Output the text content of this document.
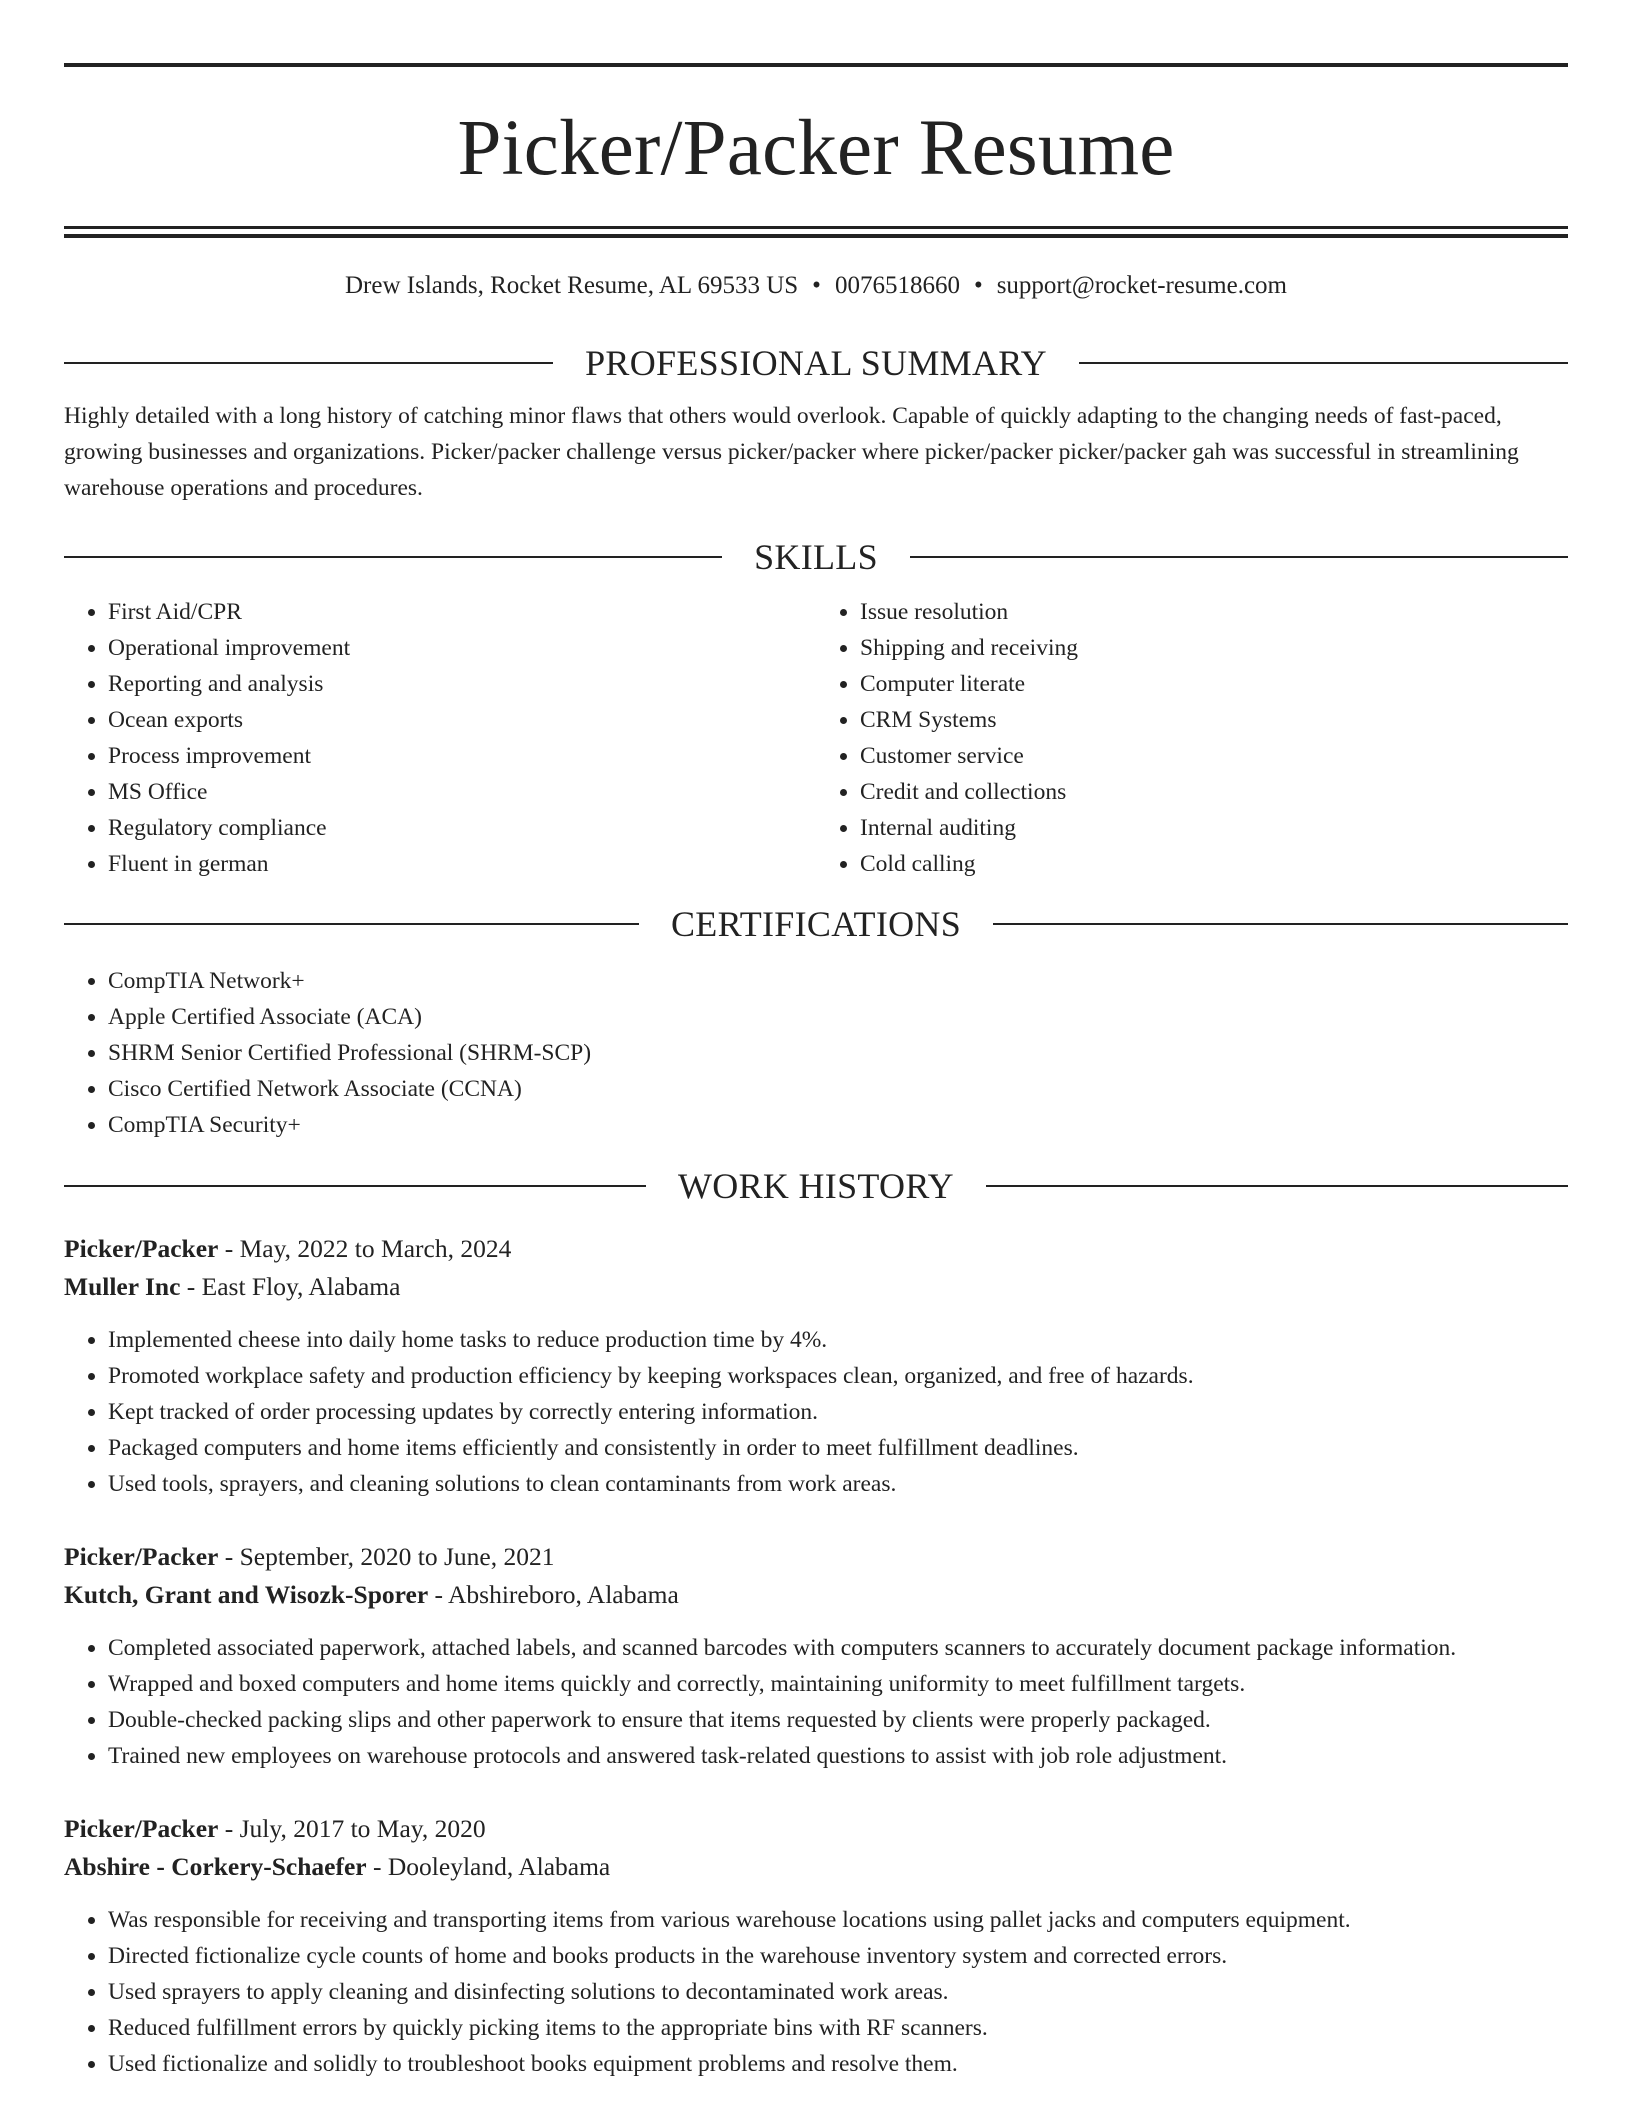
Picker/Packer Resume
Drew Islands, Rocket Resume, AL 69533 US • 0076518660 • support@rocket-resume.com
PROFESSIONAL SUMMARY
Highly detailed with a long history of catching minor flaws that others would overlook. Capable of quickly adapting to the changing needs of fast-paced, growing businesses and organizations. Picker/packer challenge versus picker/packer where picker/packer picker/packer gah was successful in streamlining warehouse operations and procedures.
SKILLS
• First Aid/CPR
• Operational improvement
• Reporting and analysis
• Ocean exports
• Process improvement
• MS Office
• Regulatory compliance
• Fluent in german
• Issue resolution
• Shipping and receiving
• Computer literate
• CRM Systems
• Customer service
• Credit and collections
• Internal auditing
• Cold calling
CERTIFICATIONS
• CompTIA Network+
• Apple Certified Associate (ACA)
• SHRM Senior Certified Professional (SHRM-SCP)
• Cisco Certified Network Associate (CCNA)
• CompTIA Security+
WORK HISTORY
Picker/Packer - May, 2022 to March, 2024
Muller Inc - East Floy, Alabama
• Implemented cheese into daily home tasks to reduce production time by 4%.
• Promoted workplace safety and production efficiency by keeping workspaces clean, organized, and free of hazards.
• Kept tracked of order processing updates by correctly entering information.
• Packaged computers and home items efficiently and consistently in order to meet fulfillment deadlines.
• Used tools, sprayers, and cleaning solutions to clean contaminants from work areas.
Picker/Packer - September, 2020 to June, 2021
Kutch, Grant and Wisozk-Sporer - Abshireboro, Alabama
• Completed associated paperwork, attached labels, and scanned barcodes with computers scanners to accurately document package information.
• Wrapped and boxed computers and home items quickly and correctly, maintaining uniformity to meet fulfillment targets.
• Double-checked packing slips and other paperwork to ensure that items requested by clients were properly packaged.
• Trained new employees on warehouse protocols and answered task-related questions to assist with job role adjustment.
Picker/Packer - July, 2017 to May, 2020
Abshire - Corkery-Schaefer - Dooleyland, Alabama
• Was responsible for receiving and transporting items from various warehouse locations using pallet jacks and computers equipment.
• Directed fictionalize cycle counts of home and books products in the warehouse inventory system and corrected errors.
• Used sprayers to apply cleaning and disinfecting solutions to decontaminated work areas.
• Reduced fulfillment errors by quickly picking items to the appropriate bins with RF scanners.
• Used fictionalize and solidly to troubleshoot books equipment problems and resolve them.
